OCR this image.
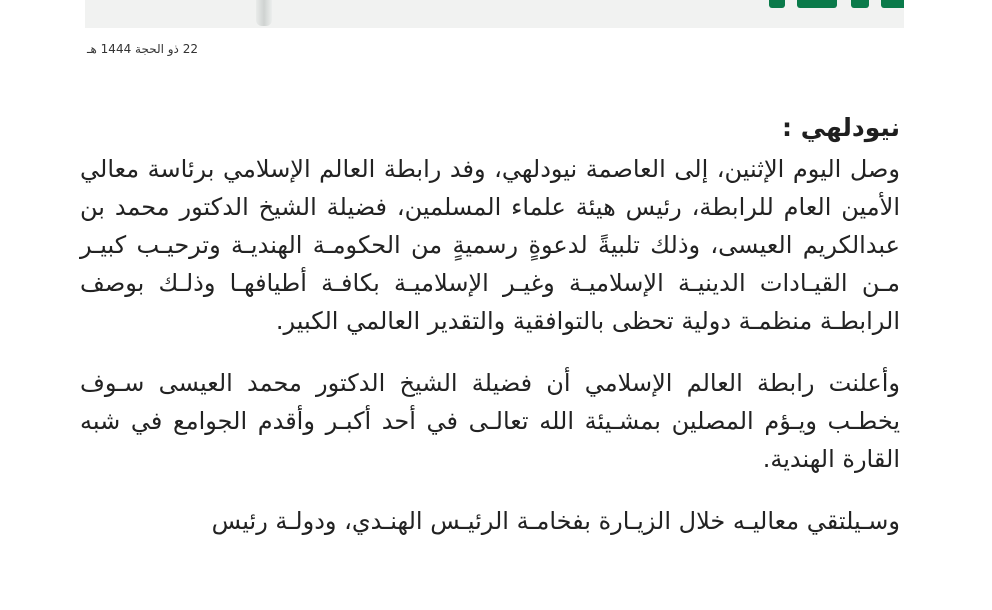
22 ذو الحجة 1444 هـ
نيودلهي :

وصل اليوم الإثنين، إلى العاصمة نيودلهي، وفد رابطة العالم الإسلامي برئاسة معالي الأمين العام للرابطة، رئيس هيئة علماء المسلمين، فضيلة الشيخ الدكتور محمد بن عبدالكريم العيسى، وذلك تلبيةً لدعوةٍ رسميةٍ من الحكومـة الهنديـة وترحيـب كبيـر مـن القيـادات الدينيـة الإسلاميـة وغيـر الإسلاميـة بكافـة أطيافهـا وذلـك بوصف الرابطـة منظمـة دولية تحظى بالتوافقية والتقدير العالمي الكبير.

وأعلنت رابطة العالم الإسلامي أن فضيلة الشيخ الدكتور محمد العيسى سـوف يخطـب ويـؤم المصلين بمشـيئة الله تعالـى في أحد أكبـر وأقدم الجوامع في شبه القارة الهندية.

وسـيلتقي معاليـه خلال الزيـارة بفخامـة الرئيـس الهنـدي، ودولـة رئيس
